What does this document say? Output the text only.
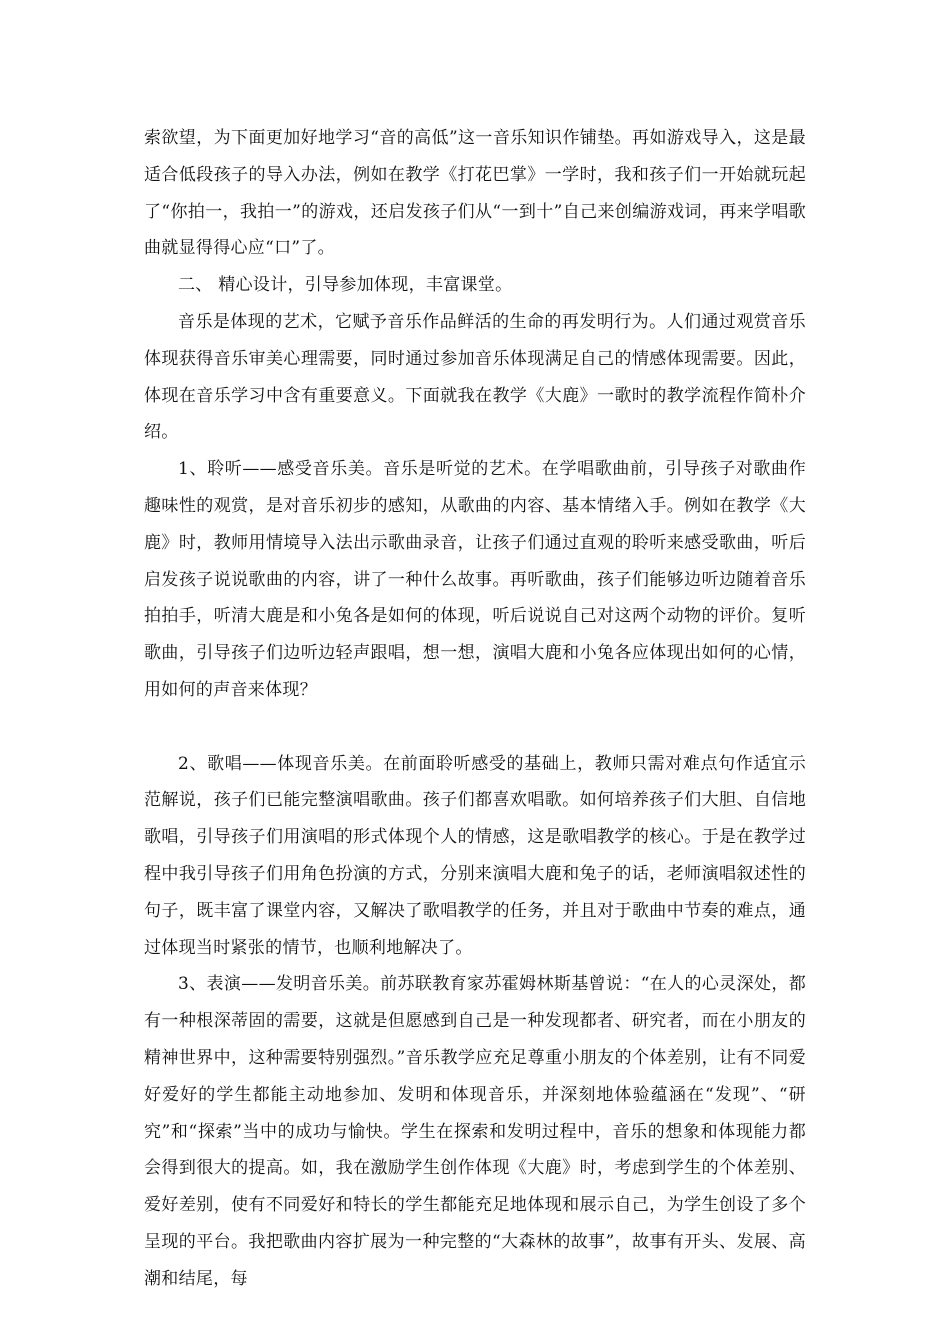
索欲望，为下面更加好地学习“音的高低”这一音乐知识作铺垫。再如游戏导入，这是最适合低段孩子的导入办法，例如在教学《打花巴掌》一学时，我和孩子们一开始就玩起了“你拍一，我拍一”的游戏，还启发孩子们从“一到十”自己来创编游戏词，再来学唱歌曲就显得得心应“口”了。

二、 精心设计，引导参加体现，丰富课堂。

音乐是体现的艺术，它赋予音乐作品鲜活的生命的再发明行为。人们通过观赏音乐体现获得音乐审美心理需要，同时通过参加音乐体现满足自己的情感体现需要。因此，体现在音乐学习中含有重要意义。下面就我在教学《大鹿》一歌时的教学流程作简朴介绍。

1、聆听——感受音乐美。音乐是听觉的艺术。在学唱歌曲前，引导孩子对歌曲作趣味性的观赏，是对音乐初步的感知，从歌曲的内容、基本情绪入手。例如在教学《大鹿》时，教师用情境导入法出示歌曲录音，让孩子们通过直观的聆听来感受歌曲，听后启发孩子说说歌曲的内容，讲了一种什么故事。再听歌曲，孩子们能够边听边随着音乐拍拍手，听清大鹿是和小兔各是如何的体现，听后说说自己对这两个动物的评价。复听歌曲，引导孩子们边听边轻声跟唱，想一想，演唱大鹿和小兔各应体现出如何的心情，用如何的声音来体现？

2、歌唱——体现音乐美。在前面聆听感受的基础上，教师只需对难点句作适宜示范解说，孩子们已能完整演唱歌曲。孩子们都喜欢唱歌。如何培养孩子们大胆、自信地歌唱，引导孩子们用演唱的形式体现个人的情感，这是歌唱教学的核心。于是在教学过程中我引导孩子们用角色扮演的方式，分别来演唱大鹿和兔子的话，老师演唱叙述性的句子，既丰富了课堂内容，又解决了歌唱教学的任务，并且对于歌曲中节奏的难点，通过体现当时紧张的情节，也顺利地解决了。

3、表演——发明音乐美。前苏联教育家苏霍姆林斯基曾说：“在人的心灵深处，都有一种根深蒂固的需要，这就是但愿感到自己是一种发现都者、研究者，而在小朋友的精神世界中，这种需要特别强烈。”音乐教学应充足尊重小朋友的个体差别，让有不同爱好爱好的学生都能主动地参加、发明和体现音乐，并深刻地体验蕴涵在“发现”、“研究”和“探索”当中的成功与愉快。学生在探索和发明过程中，音乐的想象和体现能力都会得到很大的提高。如，我在激励学生创作体现《大鹿》时，考虑到学生的个体差别、爱好差别，使有不同爱好和特长的学生都能充足地体现和展示自己，为学生创设了多个呈现的平台。我把歌曲内容扩展为一种完整的“大森林的故事”，故事有开头、发展、高潮和结尾，每
